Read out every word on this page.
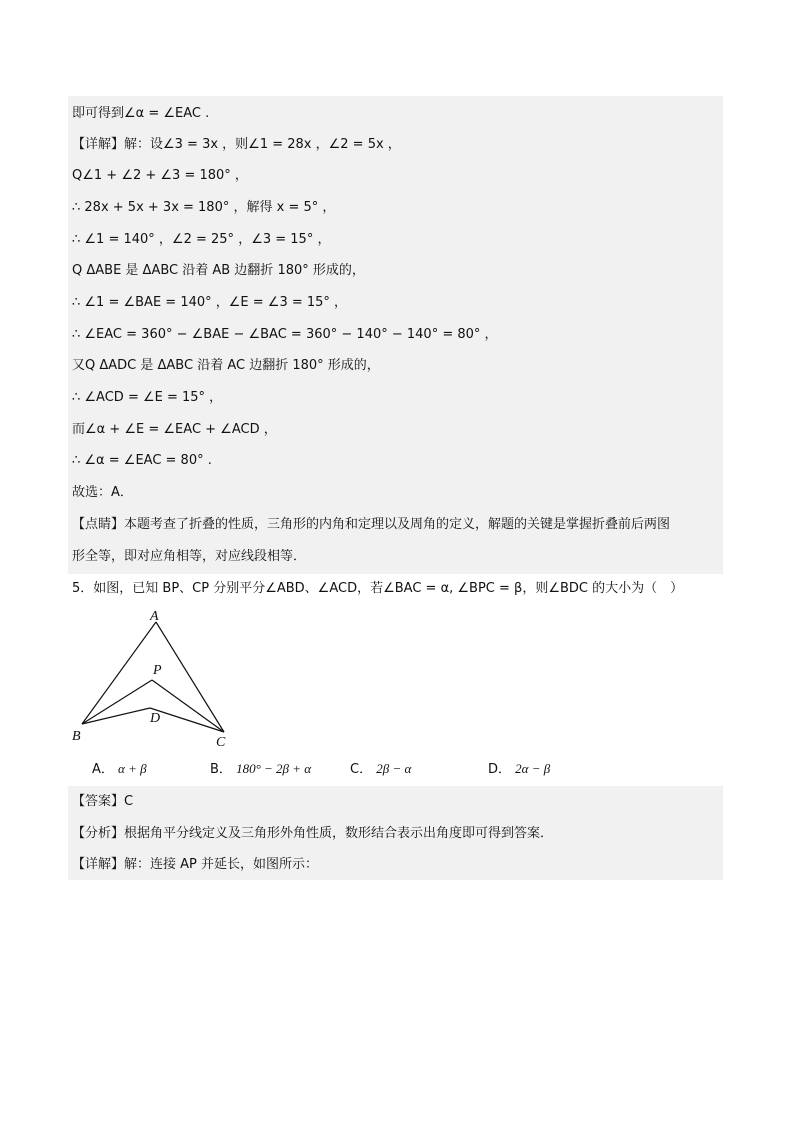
即可得到∠α = ∠EAC .
【详解】解：设∠3 = 3x ，则∠1 = 28x ，∠2 = 5x ，
Q∠1 + ∠2 + ∠3 = 180° ，
∴ 28x + 5x + 3x = 180° ，解得 x = 5° ，
∴ ∠1 = 140° ，∠2 = 25° ，∠3 = 15° ，
Q ΔABE 是 ΔABC 沿着 AB 边翻折 180° 形成的，
∴ ∠1 = ∠BAE = 140° ，∠E = ∠3 = 15° ，
∴ ∠EAC = 360° − ∠BAE − ∠BAC = 360° − 140° − 140° = 80° ，
又Q ΔADC 是 ΔABC 沿着 AC 边翻折 180° 形成的，
∴ ∠ACD = ∠E = 15° ，
而∠α + ∠E = ∠EAC + ∠ACD ，
∴ ∠α = ∠EAC = 80° .
故选：A．
【点睛】本题考查了折叠的性质，三角形的内角和定理以及周角的定义，解题的关键是掌握折叠前后两图
形全等，即对应角相等，对应线段相等．
5．如图，已知 BP、CP 分别平分∠ABD、∠ACD，若∠BAC = α, ∠BPC = β，则∠BDC 的大小为（　）
A
P
D
B	C
A． α + β	B． 180° − 2β + α	C． 2β − α	D． 2α − β
【答案】C
【分析】根据角平分线定义及三角形外角性质，数形结合表示出角度即可得到答案．
【详解】解：连接 AP 并延长，如图所示：
